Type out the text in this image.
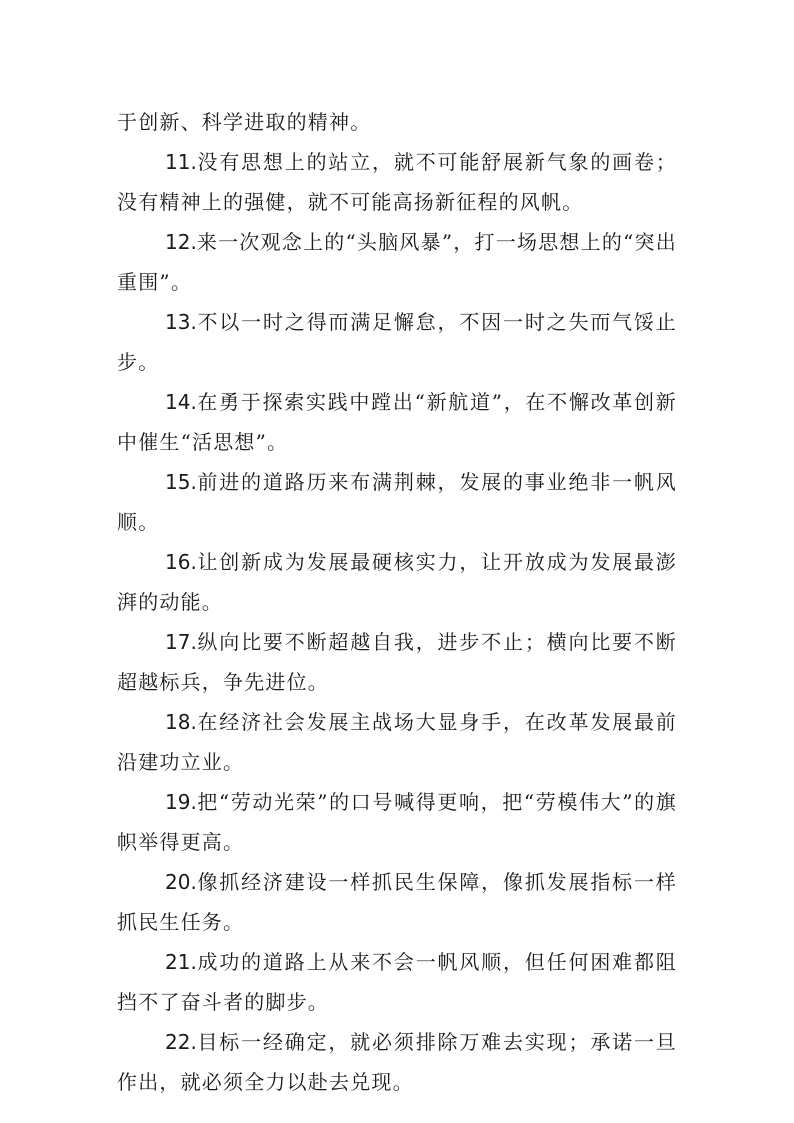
于创新、科学进取的精神。

11.没有思想上的站立，就不可能舒展新气象的画卷；没有精神上的强健，就不可能高扬新征程的风帆。

12.来一次观念上的“头脑风暴”，打一场思想上的“突出重围”。

13.不以一时之得而满足懈怠，不因一时之失而气馁止步。

14.在勇于探索实践中蹚出“新航道”，在不懈改革创新中催生“活思想”。

15.前进的道路历来布满荆棘，发展的事业绝非一帆风顺。

16.让创新成为发展最硬核实力，让开放成为发展最澎湃的动能。

17.纵向比要不断超越自我，进步不止；横向比要不断超越标兵，争先进位。

18.在经济社会发展主战场大显身手，在改革发展最前沿建功立业。

19.把“劳动光荣”的口号喊得更响，把“劳模伟大”的旗帜举得更高。

20.像抓经济建设一样抓民生保障，像抓发展指标一样抓民生任务。

21.成功的道路上从来不会一帆风顺，但任何困难都阻挡不了奋斗者的脚步。

22.目标一经确定，就必须排除万难去实现；承诺一旦作出，就必须全力以赴去兑现。
